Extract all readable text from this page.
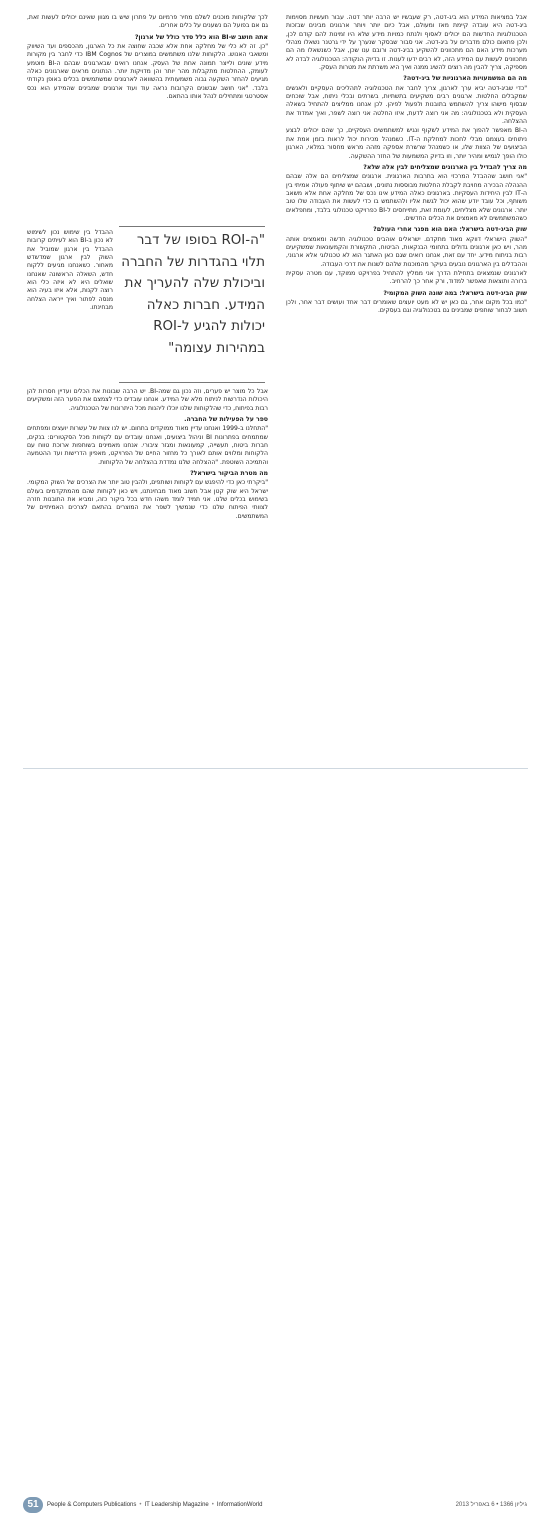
אבל במציאות המידע הוא ביג-דטה, רק שעבשיו יש הרבה יותר דטה. עבור תעשיות מסוימות ביג-דטה היא עובדה קיימת מאז ומעולם, אבל כיום יותר ויותר ארגונים מבינים שבזכות הטכנולוגיות החדשות הם יכולים לאסוף ולנתח כמויות מידע שלא היו זמינות להם קודם לכן, ולכן פתאום כולם מדברים על ביג-דטה. אני סבור שבסקר שנערך על ידי גרטנר נשאלו מנהלי מערכות מידע האם הם מתכוונים להשקיע בביג-דטה ורובם ענו שכן, אבל כשנשאלו מה הם מתכוונים לעשות עם המידע הזה, לא רבים ידעו לענות. זו בדיוק הנקודה: הטכנולוגיה לבדה לא מספיקה, צריך להבין מה רוצים להשיג ממנה ואיך היא משרתת את מטרות העסק.

מה הם המשמעויות הארגוניות של ביג-דטה?

"כדי שביג-דטה יביא ערך לארגון, צריך לחבר את הטכנולוגיה לתהליכים העסקיים ולאנשים שמקבלים החלטות. ארגונים רבים משקיעים בתשתיות, בשרתים ובכלי ניתוח, אבל שוכחים שבסוף מישהו צריך להשתמש בתובנות ולפעול לפיהן. לכן אנחנו ממליצים להתחיל בשאלה העסקית ולא בטכנולוגיה: מה אני רוצה לדעת, איזו החלטה אני רוצה לשפר, ואיך אמדוד את ההצלחה.

ה-BI מאפשר להפוך את המידע לשקוף ונגיש למשתמשים העסקיים, כך שהם יכולים לבצע ניתוחים בעצמם מבלי לחכות למחלקת ה-IT. כשמנהל מכירות יכול לראות בזמן אמת את הביצועים של הצוות שלו, או כשמנהל שרשרת אספקה מזהה מראש מחסור במלאי, הארגון כולו הופך לגמיש ומהיר יותר, וזו בדיוק המשמעות של החזר ההשקעה.

מה צריך להבדיל בין הארגונים שמצליחים לבין אלה שלא?

"אני חושב שההבדל המרכזי הוא בתרבות הארגונית. ארגונים שמצליחים הם אלה שבהם ההנהלה הבכירה מחויבת לקבלת החלטות מבוססות נתונים, ושבהם יש שיתוף פעולה אמיתי בין ה-IT לבין היחידות העסקיות. בארגונים כאלה המידע אינו נכס של מחלקה אחת אלא משאב משותף, וכל עובד יודע שהוא יכול לגשת אליו ולהשתמש בו כדי לעשות את העבודה שלו טוב יותר. ארגונים שלא מצליחים, לעומת זאת, מתייחסים ל-BI כפרויקט טכנולוגי בלבד, ומתפלאים כשהמשתמשים לא מאמצים את הכלים החדשים.

שוק הביג-דטה בישראל: האם הוא מפגר אחרי העולם?

"השוק הישראלי דווקא מאוד מתקדם. ישראלים אוהבים טכנולוגיה חדשה ומאמצים אותה מהר, ויש כאן ארגונים גדולים בתחומי הבנקאות, הביטוח, התקשורת והקמעונאות שמשקיעים רבות בניתוח מידע. יחד עם זאת, אנחנו רואים שגם כאן האתגר הוא לא טכנולוגי אלא ארגוני, וההבדלים בין הארגונים נובעים בעיקר מהמוכנות שלהם לשנות את דרכי העבודה.

לארגונים שנמצאים בתחילת הדרך אני ממליץ להתחיל בפרויקט ממוקד, עם מטרה עסקית ברורה ותוצאות שאפשר למדוד, ורק אחר כך להרחיב.

שוק הביג-דטה בישראל: במה שונה השוק המקומי?

"כמו בכל מקום אחר, גם כאן יש לא מעט יועצים שאומרים דבר אחד ועושים דבר אחר, ולכן חשוב לבחור שותפים שמבינים גם בטכנולוגיה וגם בעסקים.

לכך שלקוחות מוכנים לשלם מחיר פרמיום על פתרון שיש בו מגוון שאינם יכולים לעשות זאת, גם אם בפועל הם נשענים על כלים אחרים.

אתה חושב ש-BI הוא כלל סדר כולל של ארגון?

"כן. זה לא כלי של מחלקה אחת אלא שכבה שחוצה את כל הארגון, מהכספים ועד השיווק ומשאבי האנוש. הלקוחות שלנו משתמשים במוצרים של IBM Cognos כדי לחבר בין מקורות מידע שונים ולייצר תמונה אחת של העסק. אנחנו רואים שבארגונים שבהם ה-BI מוטמע לעומק, ההחלטות מתקבלות מהר יותר והן מדויקות יותר. הנתונים מראים שארגונים כאלה מגיעים להחזר השקעה גבוה משמעותית בהשוואה לארגונים שמשתמשים בכלים באופן נקודתי בלבד. "אני חושב שבשנים הקרובות נראה עוד ועוד ארגונים שמבינים שהמידע הוא נכס אסטרטגי ומתחילים לנהל אותו בהתאם.

"ה-ROI בסופו של דבר תלוי בהגדרות של החברה וביכולת שלה להעריך את המידע. חברות כאלה יכולות להגיע ל-ROI במהירות עצומה"

ההבדל בין שימוש נכון לשימוש לא נכון ב-BI הוא לעיתים קרובות ההבדל בין ארגון שמוביל את השוק לבין ארגון שמדשדש מאחור. כשאנחנו מגיעים ללקוח חדש, השאלה הראשונה שאנחנו שואלים היא לא איזה כלי הוא רוצה לקנות, אלא איזו בעיה הוא מנסה לפתור ואיך ייראה הצלחה מבחינתו.

אבל כל מוצר יש פערים, וזה נכון גם שמה-BI. יש הרבה שבונות את הכלים ועדיין חסרות להן היכולות הנדרשות לניתוח מלא של המידע. אנחנו עובדים כדי לצמצם את הפער הזה ומשקיעים רבות בפיתוח, כדי שהלקוחות שלנו יוכלו ליהנות מכל היתרונות של הטכנולוגיה.

ספר על הפעילות של החברה.

"התחלנו ב-1999 ואנחנו עדיין מאוד ממוקדים בתחום. יש לנו צוות של עשרות יועצים ומפתחים שמתמחים בפתרונות BI וניהול ביצועים, ואנחנו עובדים עם לקוחות מכל הסקטורים: בנקים, חברות ביטוח, תעשייה, קמעונאות ומגזר ציבורי. אנחנו מאמינים בשותפות ארוכת טווח עם הלקוחות ומלווים אותם לאורך כל מחזור החיים של הפרויקט, מאפיון הדרישות ועד ההטמעה והתמיכה השוטפת. "ההצלחה שלנו נמדדת בהצלחה של הלקוחות.

מה מטרת הביקור בישראל?

"ביקרתי כאן כדי להיפגש עם לקוחות ושותפים, ולהבין טוב יותר את הצרכים של השוק המקומי. ישראל היא שוק קטן אבל חשוב מאוד מבחינתנו, ויש כאן לקוחות שהם מהמתקדמים בעולם בשימוש בכלים שלנו. אני תמיד לומד משהו חדש בכל ביקור כזה, ומביא את התובנות חזרה לצוותי הפיתוח שלנו כדי שנמשיך לשפר את המוצרים בהתאם לצרכים האמיתיים של המשתמשים.

51	People & Computers Publications • IT Leadership Magazine • InformationWorld	גיליון 1366 • 6 באפריל 2013
